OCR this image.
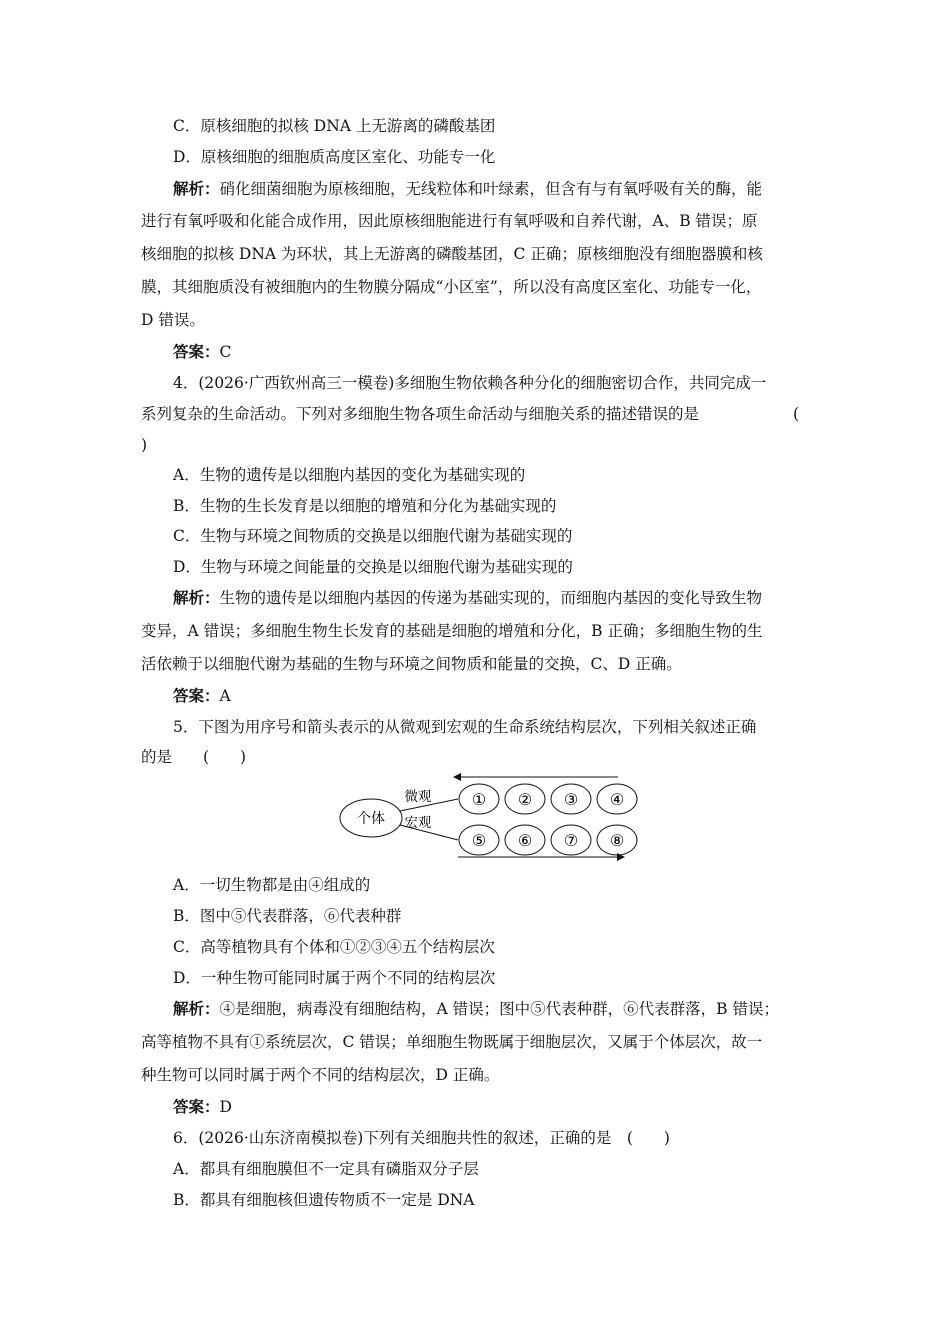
C．原核细胞的拟核 DNA 上无游离的磷酸基团
D．原核细胞的细胞质高度区室化、功能专一化
解析：硝化细菌细胞为原核细胞，无线粒体和叶绿素，但含有与有氧呼吸有关的酶，能
进行有氧呼吸和化能合成作用，因此原核细胞能进行有氧呼吸和自养代谢，A、B 错误；原
核细胞的拟核 DNA 为环状，其上无游离的磷酸基团，C 正确；原核细胞没有细胞器膜和核
膜，其细胞质没有被细胞内的生物膜分隔成“小区室”，所以没有高度区室化、功能专一化，
D 错误。
答案：C
4．(2026·广西钦州高三一模卷)多细胞生物依赖各种分化的细胞密切合作，共同完成一
系列复杂的生命活动。下列对多细胞生物各项生命活动与细胞关系的描述错误的是	(
)
A．生物的遗传是以细胞内基因的变化为基础实现的
B．生物的生长发育是以细胞的增殖和分化为基础实现的
C．生物与环境之间物质的交换是以细胞代谢为基础实现的
D．生物与环境之间能量的交换是以细胞代谢为基础实现的
解析：生物的遗传是以细胞内基因的传递为基础实现的，而细胞内基因的变化导致生物
变异，A 错误；多细胞生物生长发育的基础是细胞的增殖和分化，B 正确；多细胞生物的生
活依赖于以细胞代谢为基础的生物与环境之间物质和能量的交换，C、D 正确。
答案：A
5．下图为用序号和箭头表示的从微观到宏观的生命系统结构层次，下列相关叙述正确
的是　　(　　)
个体
微观
宏观
① ② ③ ④
⑤ ⑥ ⑦ ⑧
A．一切生物都是由④组成的
B．图中⑤代表群落，⑥代表种群
C．高等植物具有个体和①②③④五个结构层次
D．一种生物可能同时属于两个不同的结构层次
解析：④是细胞，病毒没有细胞结构，A 错误；图中⑤代表种群，⑥代表群落，B 错误；
高等植物不具有①系统层次，C 错误；单细胞生物既属于细胞层次，又属于个体层次，故一
种生物可以同时属于两个不同的结构层次，D 正确。
答案：D
6．(2026·山东济南模拟卷)下列有关细胞共性的叙述，正确的是　(　　)
A．都具有细胞膜但不一定具有磷脂双分子层
B．都具有细胞核但遗传物质不一定是 DNA
